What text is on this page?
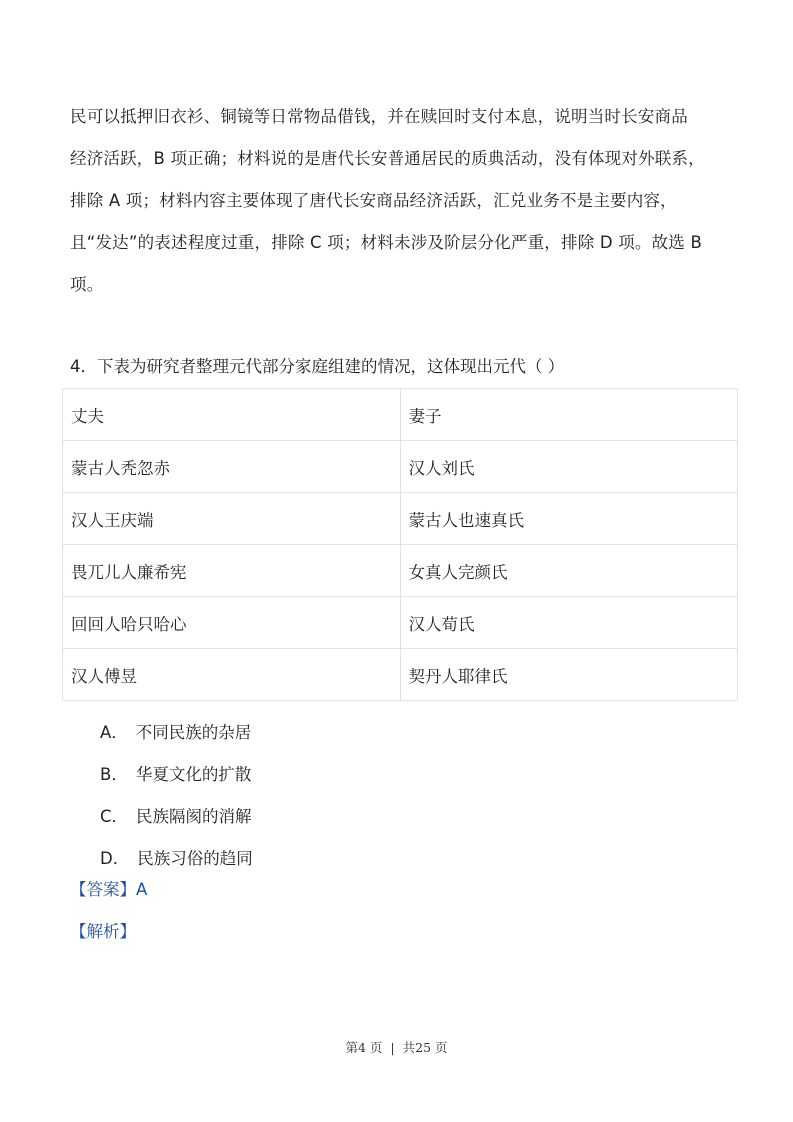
民可以抵押旧衣衫、铜镜等日常物品借钱，并在赎回时支付本息，说明当时长安商品
经济活跃，B 项正确；材料说的是唐代长安普通居民的质典活动，没有体现对外联系，
排除 A 项；材料内容主要体现了唐代长安商品经济活跃，汇兑业务不是主要内容，
且“发达”的表述程度过重，排除 C 项；材料未涉及阶层分化严重，排除 D 项。故选 B
项。
4．下表为研究者整理元代部分家庭组建的情况，这体现出元代（ ）
丈夫	妻子
蒙古人秃忽赤	汉人刘氏
汉人王庆端	蒙古人也速真氏
畏兀儿人廉希宪	女真人完颜氏
回回人哈只哈心	汉人荀氏
汉人傅昱	契丹人耶律氏
A． 不同民族的杂居
B． 华夏文化的扩散
C． 民族隔阂的消解
D． 民族习俗的趋同
【答案】A
【解析】
第4 页 | 共25 页
